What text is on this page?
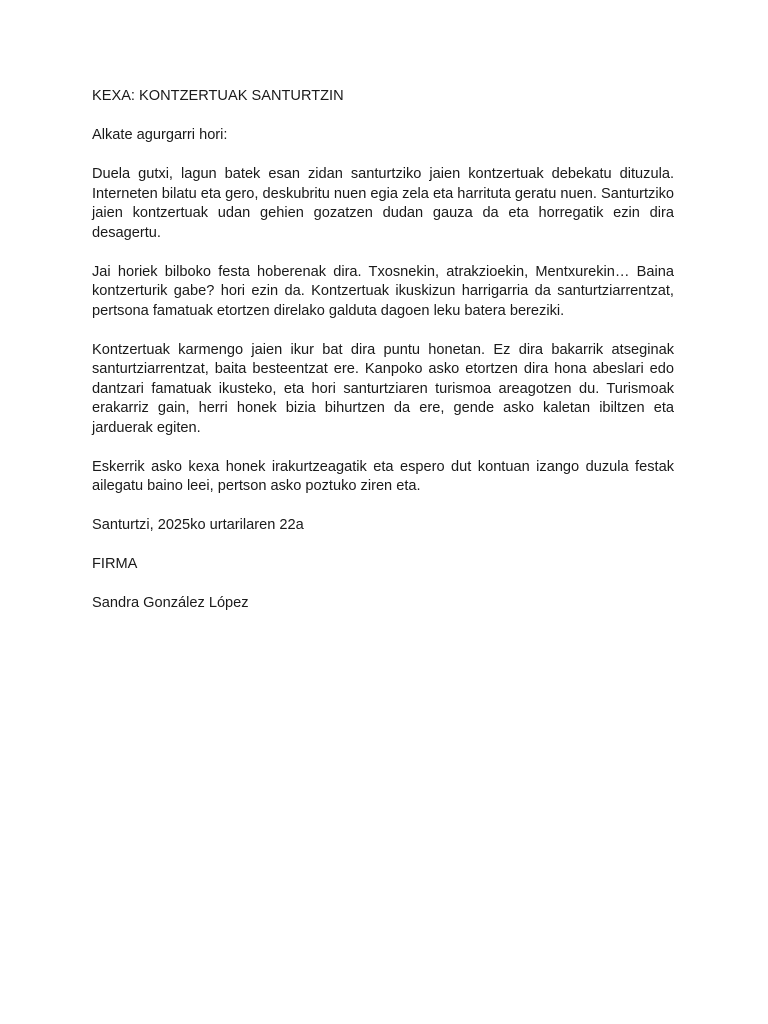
KEXA: KONTZERTUAK SANTURTZIN

Alkate agurgarri hori:

Duela gutxi, lagun batek esan zidan santurtziko jaien kontzertuak debekatu dituzula. Interneten bilatu eta gero, deskubritu nuen egia zela eta harrituta geratu nuen. Santurtziko jaien kontzertuak udan gehien gozatzen dudan gauza da eta horregatik ezin dira desagertu.

Jai horiek bilboko festa hoberenak dira. Txosnekin, atrakzioekin, Mentxurekin… Baina kontzerturik gabe? hori ezin da. Kontzertuak ikuskizun harrigarria da santurtziarrentzat, pertsona famatuak etortzen direlako galduta dagoen leku batera bereziki.

Kontzertuak karmengo jaien ikur bat dira puntu honetan. Ez dira bakarrik atseginak santurtziarrentzat, baita besteentzat ere. Kanpoko asko etortzen dira hona abeslari edo dantzari famatuak ikusteko, eta hori santurtziaren turismoa areagotzen du. Turismoak erakarriz gain, herri honek bizia bihurtzen da ere, gende asko kaletan ibiltzen eta jarduerak egiten.

Eskerrik asko kexa honek irakurtzeagatik eta espero dut kontuan izango duzula festak ailegatu baino leei, pertson asko poztuko ziren eta.

Santurtzi, 2025ko urtarilaren 22a

FIRMA

Sandra González López
